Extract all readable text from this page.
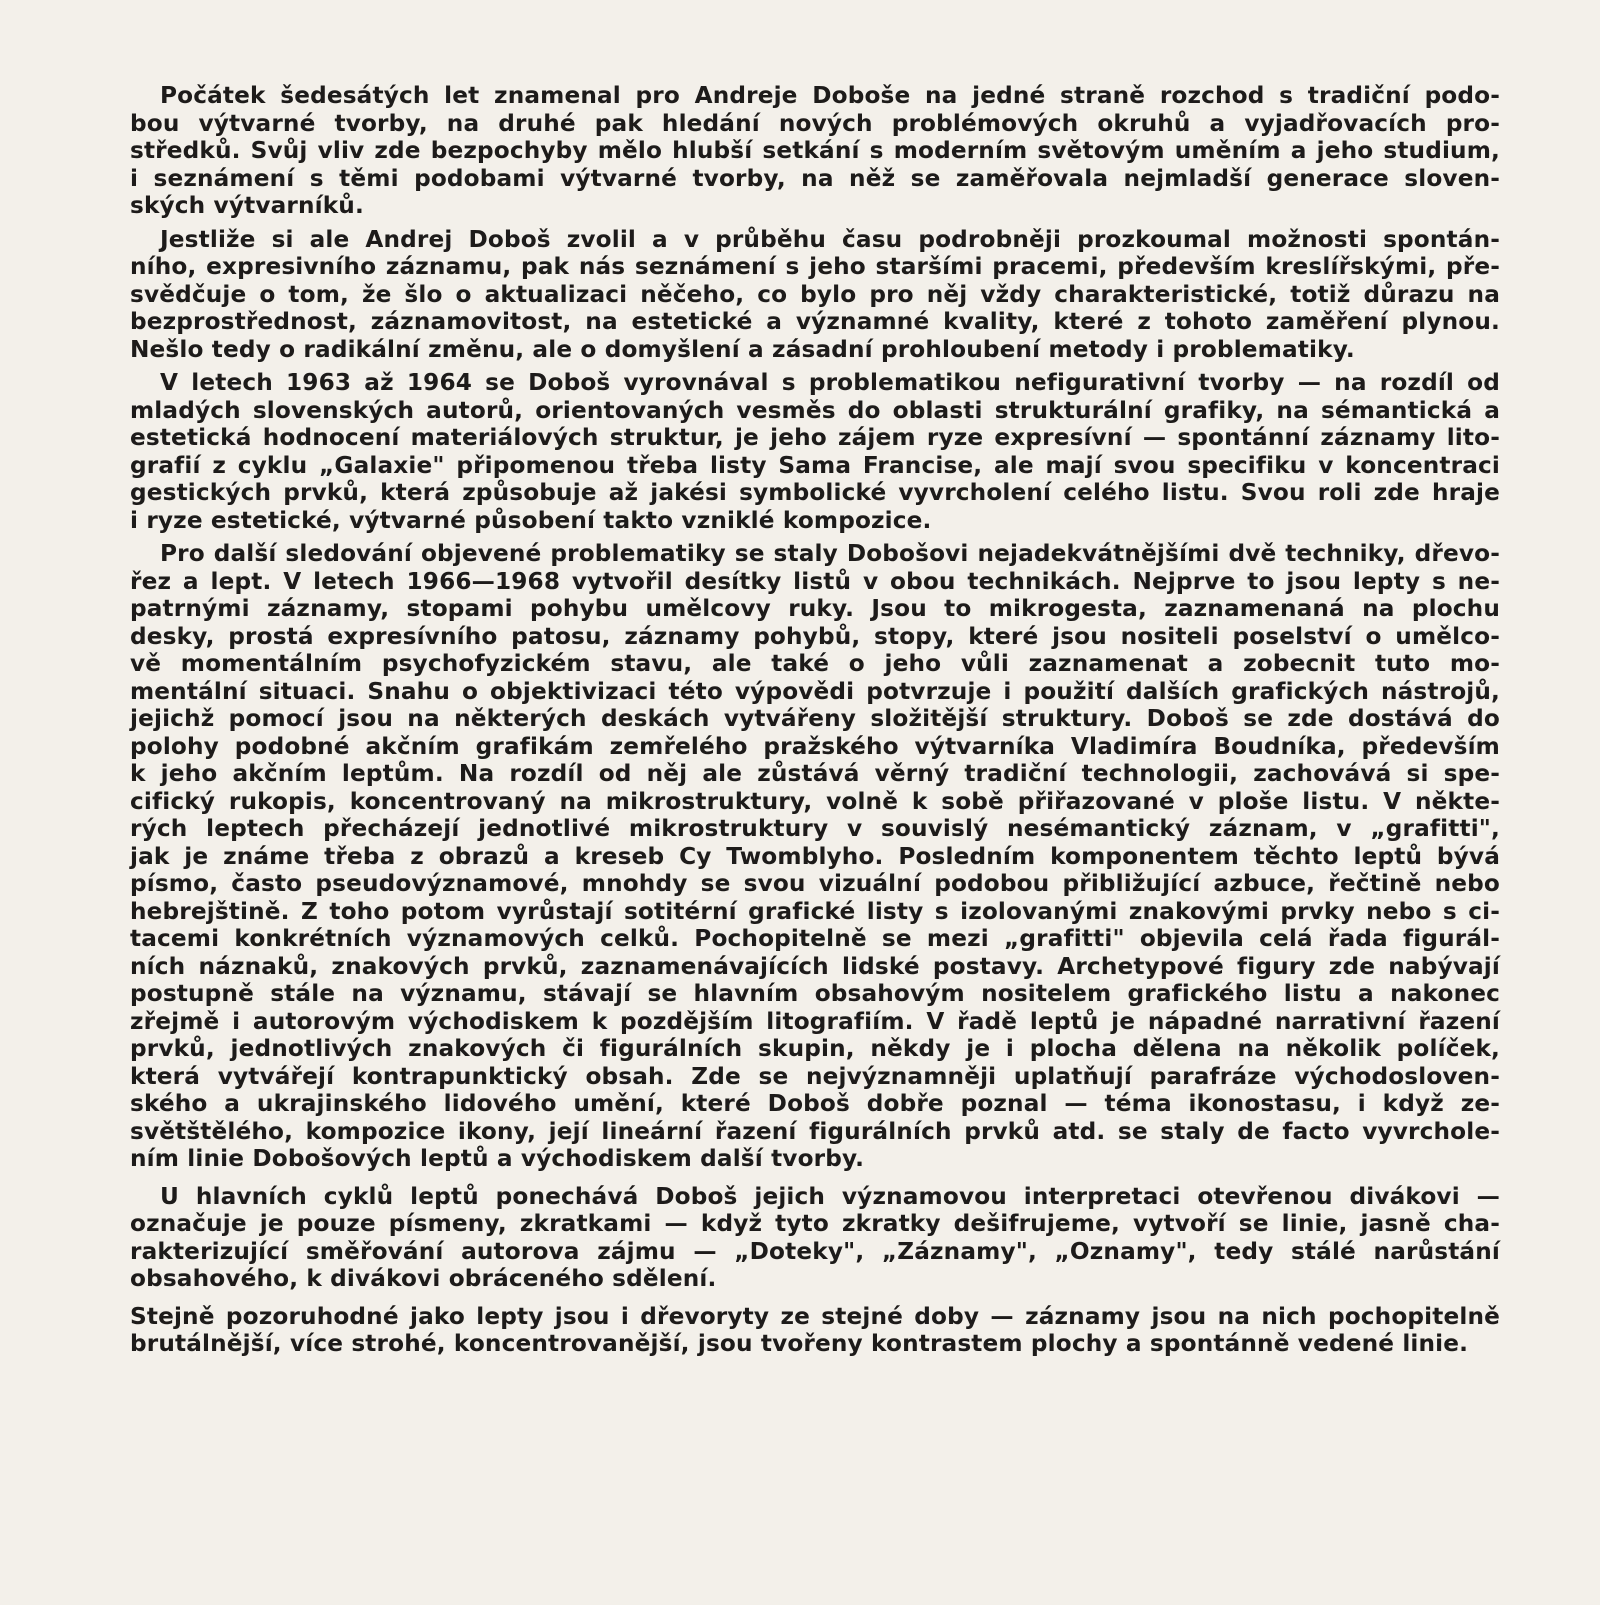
Počátek šedesátých let znamenal pro Andreje Doboše na jedné straně rozchod s tradiční podo-
bou výtvarné tvorby, na druhé pak hledání nových problémových okruhů a vyjadřovacích pro-
středků. Svůj vliv zde bezpochyby mělo hlubší setkání s moderním světovým uměním a jeho studium,
i seznámení s těmi podobami výtvarné tvorby, na něž se zaměřovala nejmladší generace sloven-
ských výtvarníků.
Jestliže si ale Andrej Doboš zvolil a v průběhu času podrobněji prozkoumal možnosti spontán-
ního, expresivního záznamu, pak nás seznámení s jeho staršími pracemi, především kreslířskými, pře-
svědčuje o tom, že šlo o aktualizaci něčeho, co bylo pro něj vždy charakteristické, totiž důrazu na
bezprostřednost, záznamovitost, na estetické a významné kvality, které z tohoto zaměření plynou.
Nešlo tedy o radikální změnu, ale o domyšlení a zásadní prohloubení metody i problematiky.
V letech 1963 až 1964 se Doboš vyrovnával s problematikou nefigurativní tvorby — na rozdíl od
mladých slovenských autorů, orientovaných vesměs do oblasti strukturální grafiky, na sémantická a
estetická hodnocení materiálových struktur, je jeho zájem ryze expresívní — spontánní záznamy lito-
grafií z cyklu „Galaxie" připomenou třeba listy Sama Francise, ale mají svou specifiku v koncentraci
gestických prvků, která způsobuje až jakési symbolické vyvrcholení celého listu. Svou roli zde hraje
i ryze estetické, výtvarné působení takto vzniklé kompozice.
Pro další sledování objevené problematiky se staly Dobošovi nejadekvátnějšími dvě techniky, dřevo-
řez a lept. V letech 1966—1968 vytvořil desítky listů v obou technikách. Nejprve to jsou lepty s ne-
patrnými záznamy, stopami pohybu umělcovy ruky. Jsou to mikrogesta, zaznamenaná na plochu
desky, prostá expresívního patosu, záznamy pohybů, stopy, které jsou nositeli poselství o umělco-
vě momentálním psychofyzickém stavu, ale také o jeho vůli zaznamenat a zobecnit tuto mo-
mentální situaci. Snahu o objektivizaci této výpovědi potvrzuje i použití dalších grafických nástrojů,
jejichž pomocí jsou na některých deskách vytvářeny složitější struktury. Doboš se zde dostává do
polohy podobné akčním grafikám zemřelého pražského výtvarníka Vladimíra Boudníka, především
k jeho akčním leptům. Na rozdíl od něj ale zůstává věrný tradiční technologii, zachovává si spe-
cifický rukopis, koncentrovaný na mikrostruktury, volně k sobě přiřazované v ploše listu. V někte-
rých leptech přecházejí jednotlivé mikrostruktury v souvislý nesémantický záznam, v „grafitti",
jak je známe třeba z obrazů a kreseb Cy Twomblyho. Posledním komponentem těchto leptů bývá
písmo, často pseudovýznamové, mnohdy se svou vizuální podobou přibližující azbuce, řečtině nebo
hebrejštině. Z toho potom vyrůstají sotitérní grafické listy s izolovanými znakovými prvky nebo s ci-
tacemi konkrétních významových celků. Pochopitelně se mezi „grafitti" objevila celá řada figurál-
ních náznaků, znakových prvků, zaznamenávajících lidské postavy. Archetypové figury zde nabývají
postupně stále na významu, stávají se hlavním obsahovým nositelem grafického listu a nakonec
zřejmě i autorovým východiskem k pozdějším litografiím. V řadě leptů je nápadné narrativní řazení
prvků, jednotlivých znakových či figurálních skupin, někdy je i plocha dělena na několik políček,
která vytvářejí kontrapunktický obsah. Zde se nejvýznamněji uplatňují parafráze východosloven-
ského a ukrajinského lidového umění, které Doboš dobře poznal — téma ikonostasu, i když ze-
světštělého, kompozice ikony, její lineární řazení figurálních prvků atd. se staly de facto vyvrchole-
ním linie Dobošových leptů a východiskem další tvorby.
U hlavních cyklů leptů ponechává Doboš jejich významovou interpretaci otevřenou divákovi —
označuje je pouze písmeny, zkratkami — když tyto zkratky dešifrujeme, vytvoří se linie, jasně cha-
rakterizující směřování autorova zájmu — „Doteky", „Záznamy", „Oznamy", tedy stálé narůstání
obsahového, k divákovi obráceného sdělení.
Stejně pozoruhodné jako lepty jsou i dřevoryty ze stejné doby — záznamy jsou na nich pochopitelně
brutálnější, více strohé, koncentrovanější, jsou tvořeny kontrastem plochy a spontánně vedené linie.
